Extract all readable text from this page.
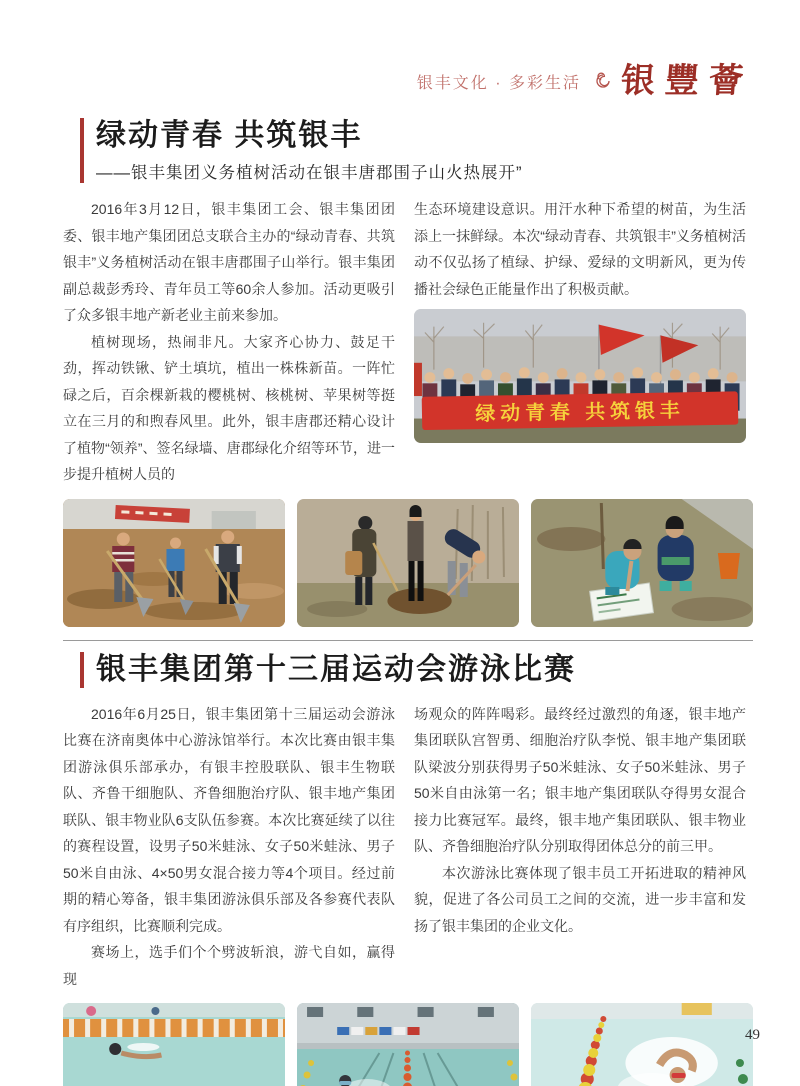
银丰文化 · 多彩生活 银豐薈
绿动青春 共筑银丰

——银丰集团义务植树活动在银丰唐郡围子山火热展开”

2016年3月12日，银丰集团工会、银丰集团团委、银丰地产集团团总支联合主办的“绿动青春、共筑银丰”义务植树活动在银丰唐郡围子山举行。银丰集团副总裁彭秀玲、青年员工等60余人参加。活动更吸引了众多银丰地产新老业主前来参加。

植树现场，热闹非凡。大家齐心协力、鼓足干劲，挥动铁锹、铲土填坑，植出一株株新苗。一阵忙碌之后，百余棵新栽的樱桃树、核桃树、苹果树等挺立在三月的和煦春风里。此外，银丰唐郡还精心设计了植物“领养”、签名绿墙、唐郡绿化介绍等环节，进一步提升植树人员的

生态环境建设意识。用汗水种下希望的树苗，为生活添上一抹鲜绿。本次“绿动青春、共筑银丰”义务植树活动不仅弘扬了植绿、护绿、爱绿的文明新风，更为传播社会绿色正能量作出了积极贡献。

绿动青春 共筑银丰
银丰集团第十三届运动会游泳比赛

2016年6月25日，银丰集团第十三届运动会游泳比赛在济南奥体中心游泳馆举行。本次比赛由银丰集团游泳俱乐部承办，有银丰控股联队、银丰生物联队、齐鲁干细胞队、齐鲁细胞治疗队、银丰地产集团联队、银丰物业队6支队伍参赛。本次比赛延续了以往的赛程设置，设男子50米蛙泳、女子50米蛙泳、男子50米自由泳、4×50男女混合接力等4个项目。经过前期的精心筹备，银丰集团游泳俱乐部及各参赛代表队有序组织，比赛顺利完成。

赛场上，选手们个个劈波斩浪，游弋自如，赢得现

场观众的阵阵喝彩。最终经过激烈的角逐，银丰地产集团联队宫智勇、细胞治疗队李悦、银丰地产集团联队梁波分别获得男子50米蛙泳、女子50米蛙泳、男子50米自由泳第一名；银丰地产集团联队夺得男女混合接力比赛冠军。最终，银丰地产集团联队、银丰物业队、齐鲁细胞治疗队分别取得团体总分的前三甲。

本次游泳比赛体现了银丰员工开拓进取的精神风貌，促进了各公司员工之间的交流，进一步丰富和发扬了银丰集团的企业文化。

49
